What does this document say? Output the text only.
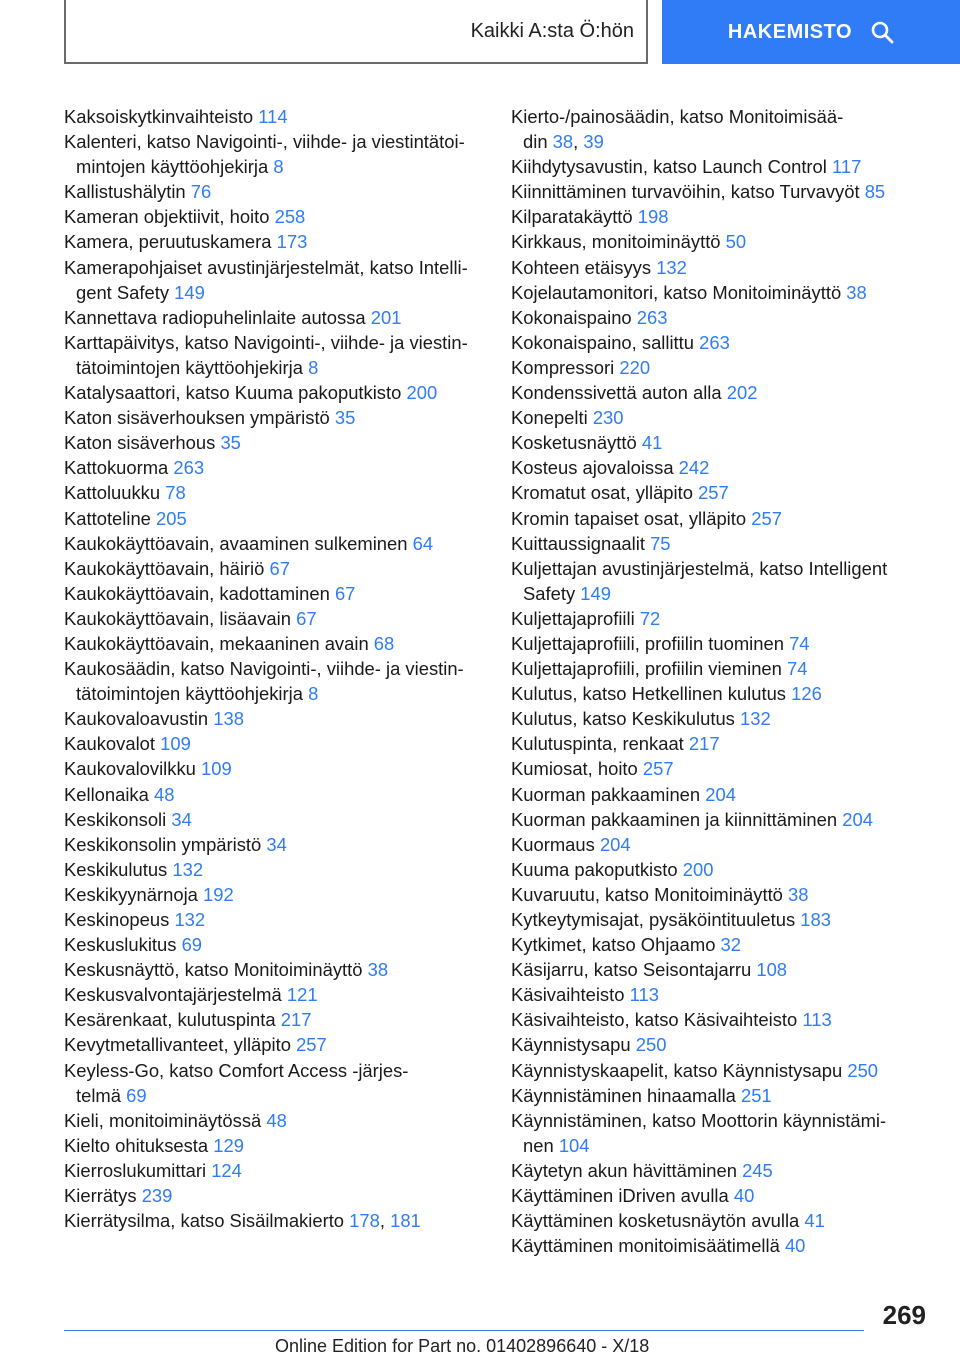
Kaikki A:sta Ö:hön	HAKEMISTO
Kaksoiskytkinvaihteisto 114
Kalenteri, katso Navigointi-, viihde- ja viestintätoi-
mintojen käyttöohjekirja 8
Kallistushälytin 76
Kameran objektiivit, hoito 258
Kamera, peruutuskamera 173
Kamerapohjaiset avustinjärjestelmät, katso Intelli-
gent Safety 149
Kannettava radiopuhelinlaite autossa 201
Karttapäivitys, katso Navigointi-, viihde- ja viestin-
tätoimintojen käyttöohjekirja 8
Katalysaattori, katso Kuuma pakoputkisto 200
Katon sisäverhouksen ympäristö 35
Katon sisäverhous 35
Kattokuorma 263
Kattoluukku 78
Kattoteline 205
Kaukokäyttöavain, avaaminen sulkeminen 64
Kaukokäyttöavain, häiriö 67
Kaukokäyttöavain, kadottaminen 67
Kaukokäyttöavain, lisäavain 67
Kaukokäyttöavain, mekaaninen avain 68
Kaukosäädin, katso Navigointi-, viihde- ja viestin-
tätoimintojen käyttöohjekirja 8
Kaukovaloavustin 138
Kaukovalot 109
Kaukovalovilkku 109
Kellonaika 48
Keskikonsoli 34
Keskikonsolin ympäristö 34
Keskikulutus 132
Keskikyynärnoja 192
Keskinopeus 132
Keskuslukitus 69
Keskusnäyttö, katso Monitoiminäyttö 38
Keskusvalvontajärjestelmä 121
Kesärenkaat, kulutuspinta 217
Kevytmetallivanteet, ylläpito 257
Keyless-Go, katso Comfort Access -järjes-
telmä 69
Kieli, monitoiminäytössä 48
Kielto ohituksesta 129
Kierroslukumittari 124
Kierrätys 239
Kierrätysilma, katso Sisäilmakierto 178, 181
Kierto-/painosäädin, katso Monitoimisää-
din 38, 39
Kiihdytysavustin, katso Launch Control 117
Kiinnittäminen turvavöihin, katso Turvavyöt 85
Kilparatakäyttö 198
Kirkkaus, monitoiminäyttö 50
Kohteen etäisyys 132
Kojelautamonitori, katso Monitoiminäyttö 38
Kokonaispaino 263
Kokonaispaino, sallittu 263
Kompressori 220
Kondenssivettä auton alla 202
Konepelti 230
Kosketusnäyttö 41
Kosteus ajovaloissa 242
Kromatut osat, ylläpito 257
Kromin tapaiset osat, ylläpito 257
Kuittaussignaalit 75
Kuljettajan avustinjärjestelmä, katso Intelligent
Safety 149
Kuljettajaprofiili 72
Kuljettajaprofiili, profiilin tuominen 74
Kuljettajaprofiili, profiilin vieminen 74
Kulutus, katso Hetkellinen kulutus 126
Kulutus, katso Keskikulutus 132
Kulutuspinta, renkaat 217
Kumiosat, hoito 257
Kuorman pakkaaminen 204
Kuorman pakkaaminen ja kiinnittäminen 204
Kuormaus 204
Kuuma pakoputkisto 200
Kuvaruutu, katso Monitoiminäyttö 38
Kytkeytymisajat, pysäköintituuletus 183
Kytkimet, katso Ohjaamo 32
Käsijarru, katso Seisontajarru 108
Käsivaihteisto 113
Käsivaihteisto, katso Käsivaihteisto 113
Käynnistysapu 250
Käynnistyskaapelit, katso Käynnistysapu 250
Käynnistäminen hinaamalla 251
Käynnistäminen, katso Moottorin käynnistämi-
nen 104
Käytetyn akun hävittäminen 245
Käyttäminen iDriven avulla 40
Käyttäminen kosketusnäytön avulla 41
Käyttäminen monitoimisäätimellä 40
269
Online Edition for Part no. 01402896640 - X/18
